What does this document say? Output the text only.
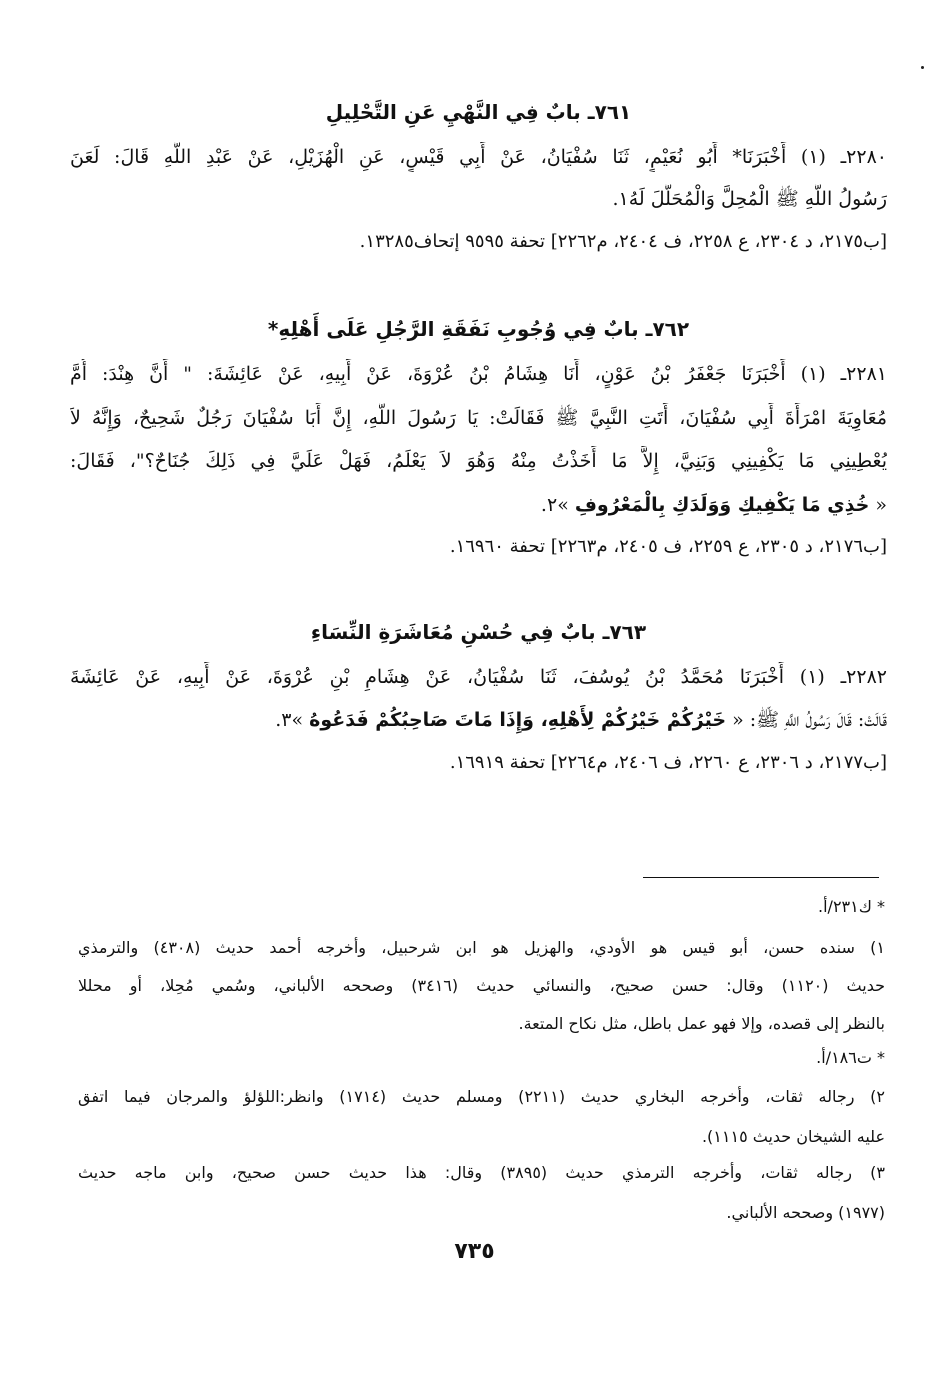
٧٦١ـ بابٌ فِي النَّهْيِ عَنِ التَّحْلِيلِ
٢٢٨٠ـ (١) أَخْبَرَنَا* أَبُو نُعَيْمٍ، ثَنَا سُفْيَانُ، عَنْ أَبِي قَيْسٍ، عَنِ الْهُزَيْلِ، عَنْ عَبْدِ اللَّهِ قَالَ: لَعَنَ
رَسُولُ اللَّهِ ﷺ الْمُحِلَّ وَالْمُحَلَّلَ لَهُ١.
[ب٢١٧٥، د ٢٣٠٤، ع ٢٢٥٨، ف ٢٤٠٤، م٢٢٦٢] تحفة ٩٥٩٥ إتحاف١٣٢٨٥.
٧٦٢ـ بابٌ فِي وُجُوبِ نَفَقَةِ الرَّجُلِ عَلَى أَهْلِهِ*
٢٢٨١ـ (١) أَخْبَرَنَا جَعْفَرُ بْنُ عَوْنٍ، أَنَا هِشَامُ بْنُ عُرْوَةَ، عَنْ أَبِيهِ، عَنْ عَائِشَةَ: " أَنَّ هِنْدَ: أُمَّ
مُعَاوِيَةَ امْرَأَةَ أَبِي سُفْيَانَ، أَتَتِ النَّبِيَّ ﷺ فَقَالَتْ: يَا رَسُولَ اللَّهِ، إِنَّ أَبَا سُفْيَانَ رَجُلٌ شَحِيحٌ، وَإِنَّهُ لاَ
يُعْطِينِي مَا يَكْفِينِي وَبَنِيَّ، إِلاَّ مَا أَخَذْتُ مِنْهُ وَهُوَ لاَ يَعْلَمُ، فَهَلْ عَلَيَّ فِي ذَلِكَ جُنَاحٌ؟"، فَقَالَ:
« خُذِي مَا يَكْفِيكِ وَوَلَدَكِ بِالْمَعْرُوفِ »٢.
[ب٢١٧٦، د ٢٣٠٥، ع ٢٢٥٩، ف ٢٤٠٥، م٢٢٦٣] تحفة ١٦٩٦٠.
٧٦٣ـ بابٌ فِي حُسْنِ مُعَاشَرَةِ النِّسَاءِ
٢٢٨٢ـ (١) أَخْبَرَنَا مُحَمَّدُ بْنُ يُوسُفَ، ثَنَا سُفْيَانُ، عَنْ هِشَامِ بْنِ عُرْوَةَ، عَنْ أَبِيهِ، عَنْ عَائِشَةَ
قَالَتْ: قَالَ رَسُولُ اللَّهِ ﷺ: « خَيْرُكُمْ خَيْرُكُمْ لِأَهْلِهِ، وَإِذَا مَاتَ صَاحِبُكُمْ فَدَعُوهُ »٣.
[ب٢١٧٧، د ٢٣٠٦، ع ٢٢٦٠، ف ٢٤٠٦، م٢٢٦٤] تحفة ١٦٩١٩.
* ك٢٣١/أ.
١) سنده حسن، أبو قيس هو الأودي، والهزيل هو ابن شرحبيل، وأخرجه أحمد حديث (٤٣٠٨) والترمذي
حديث (١١٢٠) وقال: حسن صحيح، والنسائي حديث (٣٤١٦) وصححه الألباني، وسُمي مُحِلا، أو محللا
بالنظر إلى قصده، وإلا فهو عمل باطل، مثل نكاح المتعة.
* ت١٨٦/أ.
٢) رجاله ثقات، وأخرجه البخاري حديث (٢٢١١) ومسلم حديث (١٧١٤) وانظر:اللؤلؤ والمرجان فيما اتفق
عليه الشيخان حديث ١١١٥).
٣) رجاله ثقات، وأخرجه الترمذي حديث (٣٨٩٥) وقال: هذا حديث حسن صحيح، وابن ماجه حديث
(١٩٧٧) وصححه الألباني.
٧٣٥
